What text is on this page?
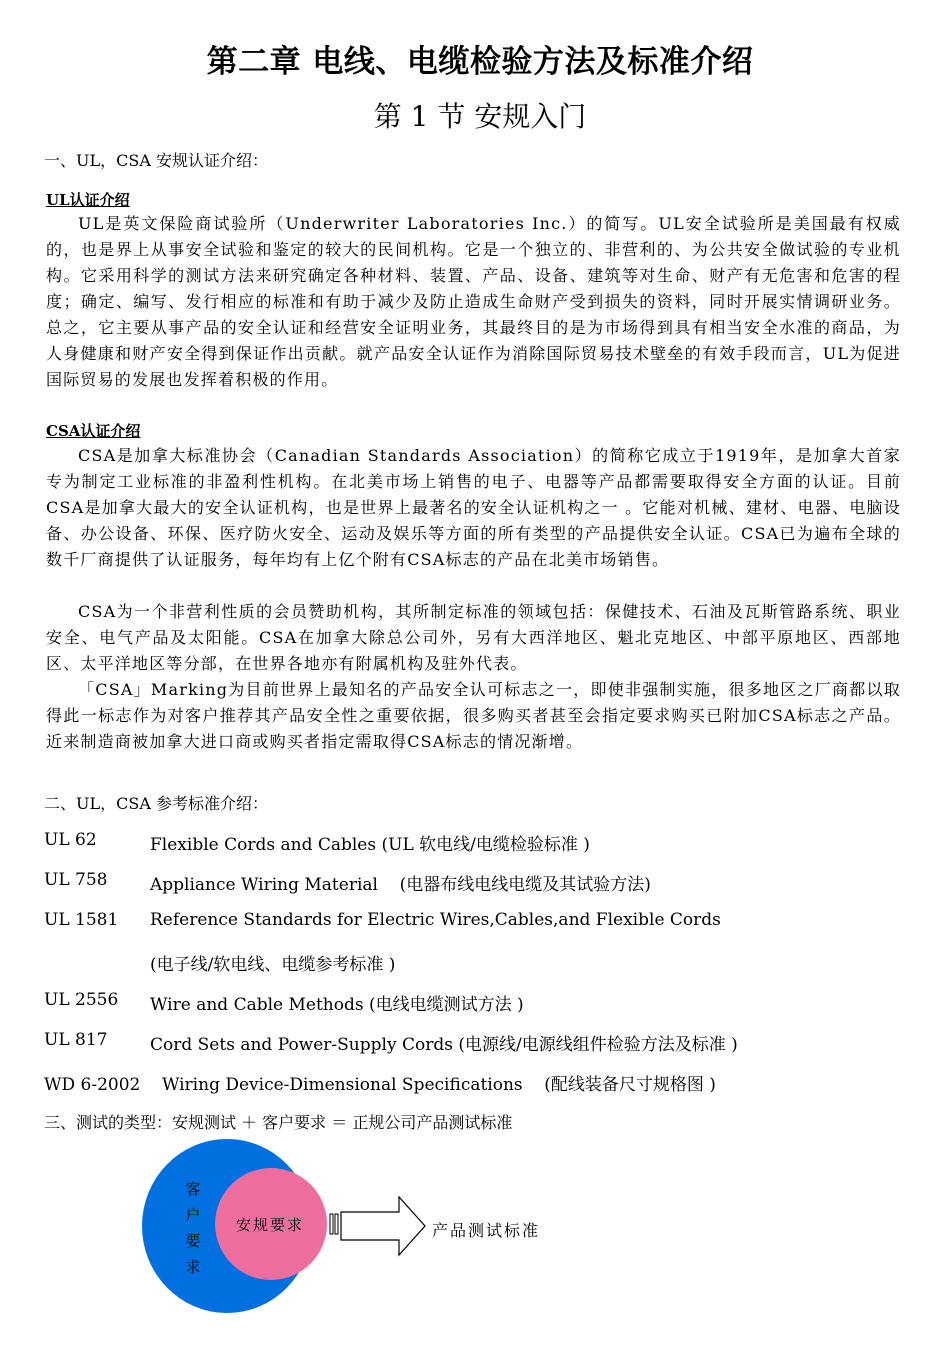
第二章 电线、电缆检验方法及标准介绍
第 1 节 安规入门
一、UL，CSA 安规认证介绍：
UL认证介绍
UL是英文保险商试验所（Underwriter Laboratories Inc.）的简写。UL安全试验所是美国最有权威的，也是界上从事安全试验和鉴定的较大的民间机构。它是一个独立的、非营利的、为公共安全做试验的专业机构。它采用科学的测试方法来研究确定各种材料、装置、产品、设备、建筑等对生命、财产有无危害和危害的程度；确定、编写、发行相应的标准和有助于减少及防止造成生命财产受到损失的资料，同时开展实情调研业务。总之，它主要从事产品的安全认证和经营安全证明业务，其最终目的是为市场得到具有相当安全水准的商品，为人身健康和财产安全得到保证作出贡献。就产品安全认证作为消除国际贸易技术壁垒的有效手段而言，UL为促进国际贸易的发展也发挥着积极的作用。
CSA认证介绍
CSA是加拿大标准协会（Canadian Standards Association）的简称它成立于1919年，是加拿大首家专为制定工业标准的非盈利性机构。在北美市场上销售的电子、电器等产品都需要取得安全方面的认证。目前CSA是加拿大最大的安全认证机构，也是世界上最著名的安全认证机构之一 。它能对机械、建材、电器、电脑设备、办公设备、环保、医疗防火安全、运动及娱乐等方面的所有类型的产品提供安全认证。CSA已为遍布全球的数千厂商提供了认证服务，每年均有上亿个附有CSA标志的产品在北美市场销售。
CSA为一个非营利性质的会员赞助机构，其所制定标准的领域包括：保健技术、石油及瓦斯管路系统、职业安全、电气产品及太阳能。CSA在加拿大除总公司外，另有大西洋地区、魁北克地区、中部平原地区、西部地区、太平洋地区等分部，在世界各地亦有附属机构及驻外代表。
「CSA」Marking为目前世界上最知名的产品安全认可标志之一，即使非强制实施，很多地区之厂商都以取得此一标志作为对客户推荐其产品安全性之重要依据，很多购买者甚至会指定要求购买已附加CSA标志之产品。近来制造商被加拿大进口商或购买者指定需取得CSA标志的情况渐增。
二、UL，CSA 参考标准介绍：
UL 62	Flexible Cords and Cables (UL 软电线/电缆检验标准 )
UL 758	Appliance Wiring Material    (电器布线电线电缆及其试验方法)
UL 1581 Reference Standards for Electric Wires,Cables,and Flexible Cords
(电子线/软电线、电缆参考标准 )
UL 2556 Wire and Cable Methods (电线电缆测试方法 )
UL 817	Cord Sets and Power-Supply Cords (电源线/电源线组件检验方法及标准 )
WD 6-2002    Wiring Device-Dimensional Specifications    (配线装备尺寸规格图 )
三、测试的类型：安规测试 ＋ 客户要求 ＝ 正规公司产品测试标准
客
户
要
求
安规要求	产品测试标准
